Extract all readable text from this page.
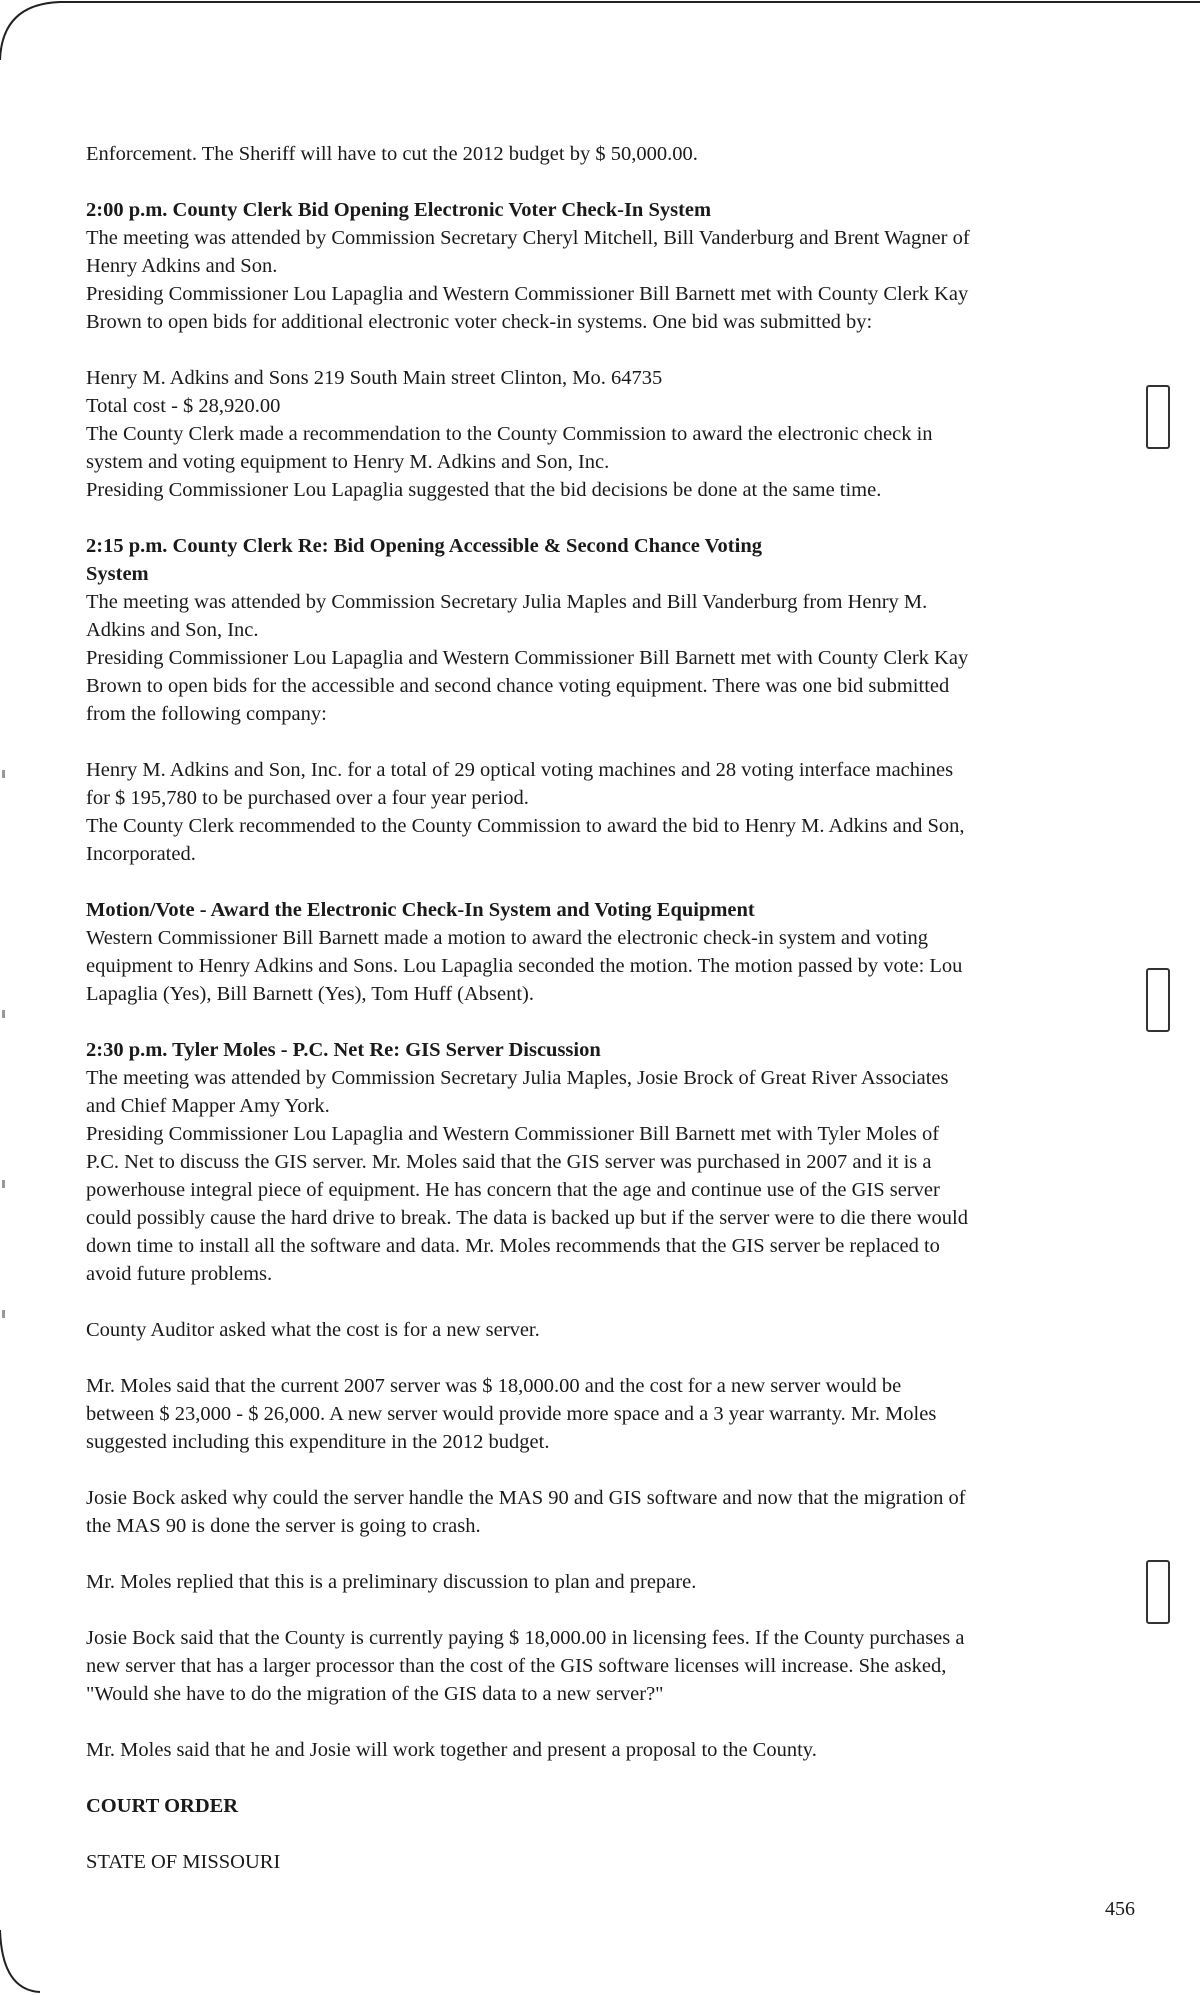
Enforcement. The Sheriff will have to cut the 2012 budget by $ 50,000.00.

2:00 p.m. County Clerk Bid Opening Electronic Voter Check-In System

The meeting was attended by Commission Secretary Cheryl Mitchell, Bill Vanderburg and Brent Wagner of

Henry Adkins and Son.

Presiding Commissioner Lou Lapaglia and Western Commissioner Bill Barnett met with County Clerk Kay

Brown to open bids for additional electronic voter check-in systems. One bid was submitted by:

Henry M. Adkins and Sons 219 South Main street Clinton, Mo. 64735

Total cost - $ 28,920.00

The County Clerk made a recommendation to the County Commission to award the electronic check in

system and voting equipment to Henry M. Adkins and Son, Inc.

Presiding Commissioner Lou Lapaglia suggested that the bid decisions be done at the same time.

2:15 p.m. County Clerk Re: Bid Opening Accessible & Second Chance Voting

System

The meeting was attended by Commission Secretary Julia Maples and Bill Vanderburg from Henry M.

Adkins and Son, Inc.

Presiding Commissioner Lou Lapaglia and Western Commissioner Bill Barnett met with County Clerk Kay

Brown to open bids for the accessible and second chance voting equipment. There was one bid submitted

from the following company:

Henry M. Adkins and Son, Inc. for a total of 29 optical voting machines and 28 voting interface machines

for $ 195,780 to be purchased over a four year period.

The County Clerk recommended to the County Commission to award the bid to Henry M. Adkins and Son,

Incorporated.

Motion/Vote - Award the Electronic Check-In System and Voting Equipment

Western Commissioner Bill Barnett made a motion to award the electronic check-in system and voting

equipment to Henry Adkins and Sons. Lou Lapaglia seconded the motion. The motion passed by vote: Lou

Lapaglia (Yes), Bill Barnett (Yes), Tom Huff (Absent).

2:30 p.m. Tyler Moles - P.C. Net Re: GIS Server Discussion

The meeting was attended by Commission Secretary Julia Maples, Josie Brock of Great River Associates

and Chief Mapper Amy York.

Presiding Commissioner Lou Lapaglia and Western Commissioner Bill Barnett met with Tyler Moles of

P.C. Net to discuss the GIS server. Mr. Moles said that the GIS server was purchased in 2007 and it is a

powerhouse integral piece of equipment. He has concern that the age and continue use of the GIS server

could possibly cause the hard drive to break. The data is backed up but if the server were to die there would

down time to install all the software and data. Mr. Moles recommends that the GIS server be replaced to

avoid future problems.

County Auditor asked what the cost is for a new server.

Mr. Moles said that the current 2007 server was $ 18,000.00 and the cost for a new server would be

between $ 23,000 - $ 26,000. A new server would provide more space and a 3 year warranty. Mr. Moles

suggested including this expenditure in the 2012 budget.

Josie Bock asked why could the server handle the MAS 90 and GIS software and now that the migration of

the MAS 90 is done the server is going to crash.

Mr. Moles replied that this is a preliminary discussion to plan and prepare.

Josie Bock said that the County is currently paying $ 18,000.00 in licensing fees. If the County purchases a

new server that has a larger processor than the cost of the GIS software licenses will increase. She asked,

"Would she have to do the migration of the GIS data to a new server?"

Mr. Moles said that he and Josie will work together and present a proposal to the County.

COURT ORDER

STATE OF MISSOURI

456
